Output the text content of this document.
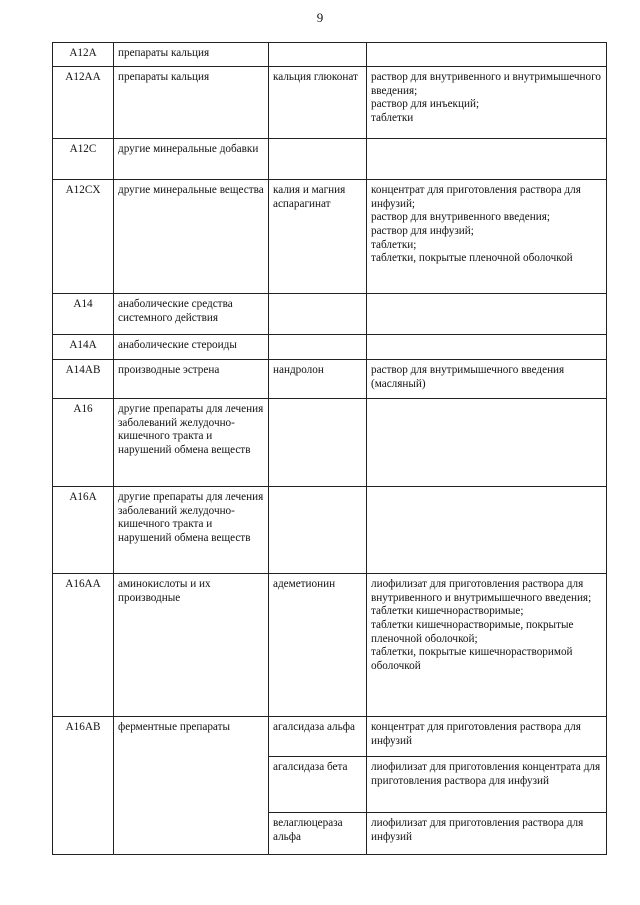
9
A12A	препараты кальция		
A12AA	препараты кальция	кальция глюконат	раствор для внутривенного и внутримышечного введения;
раствор для инъекций;
таблетки

A12C	другие минеральные добавки		
A12CX	другие минеральные вещества	калия и магния аспарагинат	концентрат для приготовления раствора для инфузий;
раствор для внутривенного введения;
раствор для инфузий;
таблетки;
таблетки, покрытые пленочной оболочкой

A14	анаболические средства системного действия		
A14A	анаболические стероиды		
A14AB	производные эстрена	нандролон	раствор для внутримышечного введения (масляный)
A16	другие препараты для лечения заболеваний желудочно-кишечного тракта и нарушений обмена веществ		
A16A	другие препараты для лечения заболеваний желудочно-кишечного тракта и нарушений обмена веществ		
A16AA	аминокислоты и их производные	адеметионин	лиофилизат для приготовления раствора для внутривенного и внутримышечного введения;
таблетки кишечнорастворимые;
таблетки кишечнорастворимые, покрытые пленочной оболочкой;
таблетки, покрытые кишечнорастворимой оболочкой

A16AB	ферментные препараты	агалсидаза альфа	концентрат для приготовления раствора для инфузий
		агалсидаза бета	лиофилизат для приготовления концентрата для приготовления раствора для инфузий
		велаглюцераза альфа	лиофилизат для приготовления раствора для инфузий
